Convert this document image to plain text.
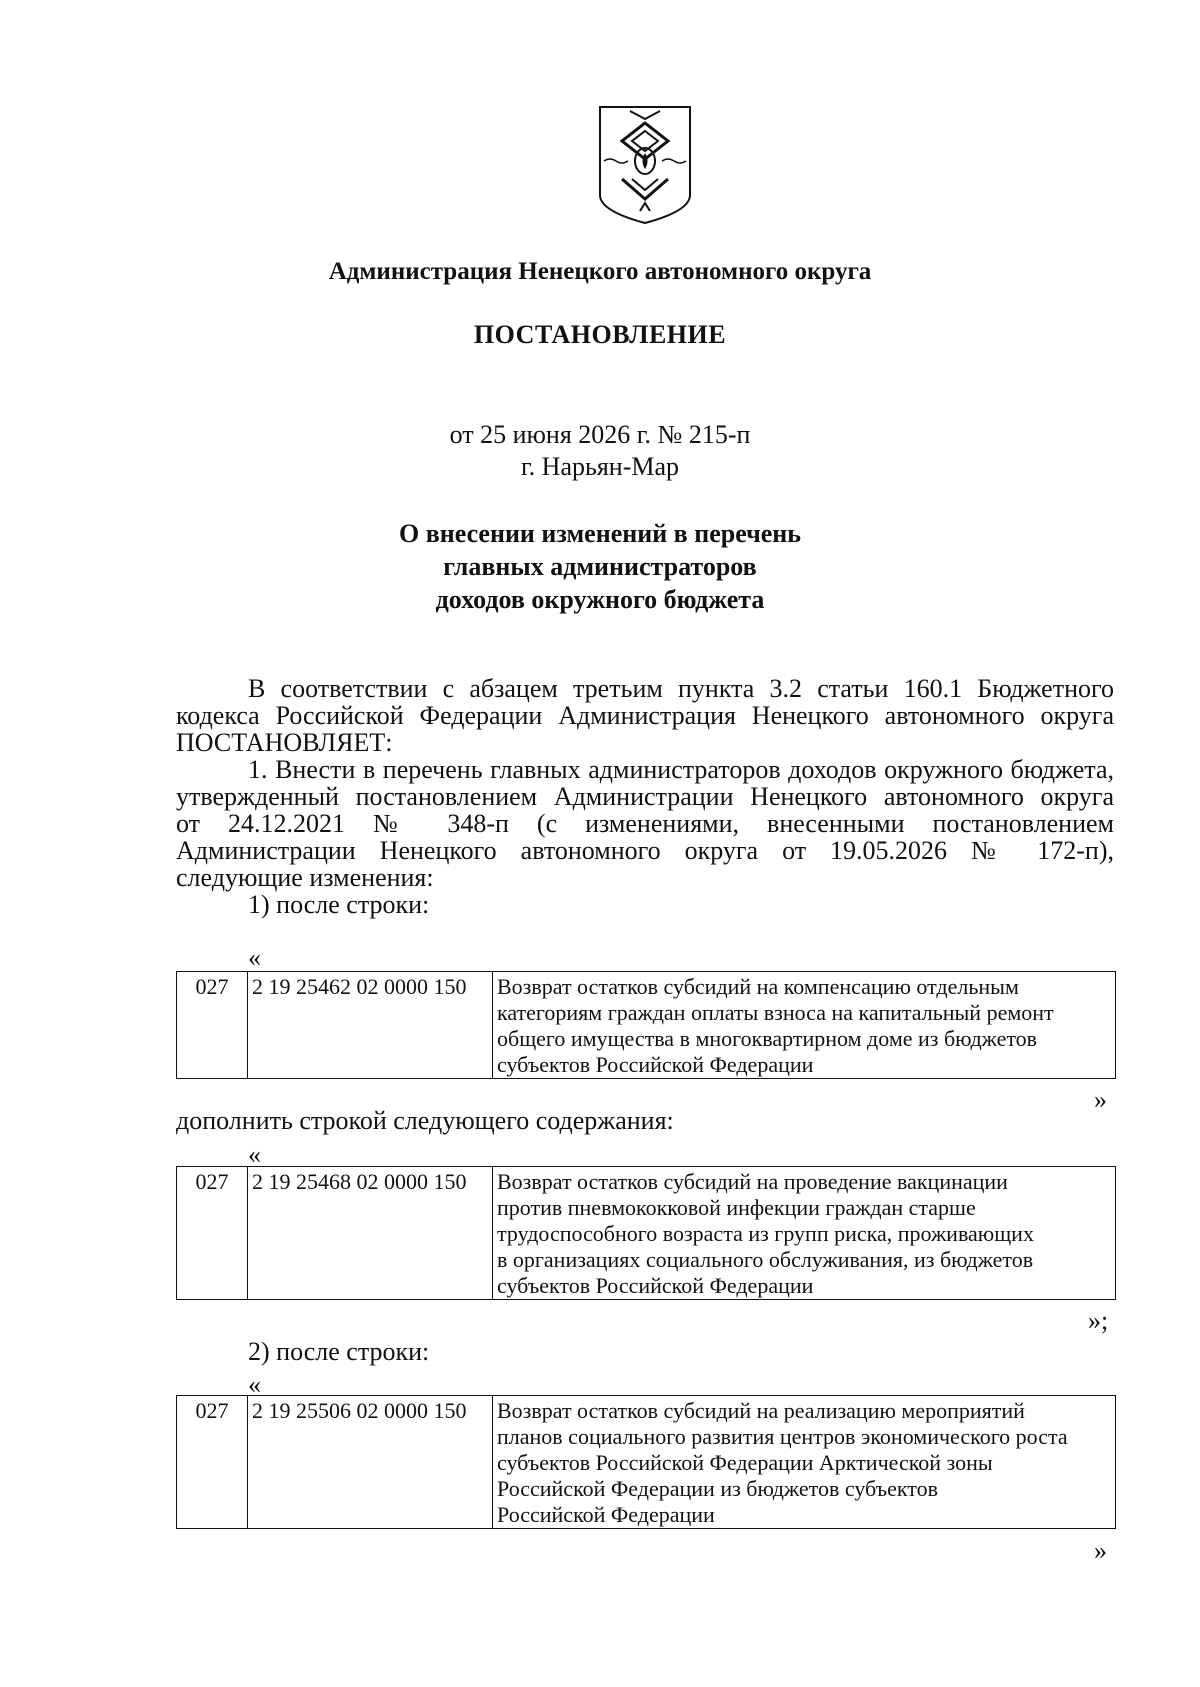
Администрация Ненецкого автономного округа
ПОСТАНОВЛЕНИЕ
от 25 июня 2026 г. № 215-п
г. Нарьян-Мар
О внесении изменений в перечень
главных администраторов
доходов окружного бюджета
В соответствии с абзацем третьим пункта 3.2 статьи 160.1 Бюджетного
кодекса Российской Федерации Администрация Ненецкого автономного округа
ПОСТАНОВЛЯЕТ:
1. Внести в перечень главных администраторов доходов окружного бюджета,
утвержденный постановлением Администрации Ненецкого автономного округа
от 24.12.2021 № 348-п (с изменениями, внесенными постановлением
Администрации Ненецкого автономного округа от 19.05.2026 № 172-п),
следующие изменения:
1) после строки:
«
027	2 19 25462 02 0000 150	Возврат остатков субсидий на компенсацию отдельным
категориям граждан оплаты взноса на капитальный ремонт
общего имущества в многоквартирном доме из бюджетов
субъектов Российской Федерации
»
дополнить строкой следующего содержания:
«
027	2 19 25468 02 0000 150	Возврат остатков субсидий на проведение вакцинации
против пневмококковой инфекции граждан старше
трудоспособного возраста из групп риска, проживающих
в организациях социального обслуживания, из бюджетов
субъектов Российской Федерации
»;
2) после строки:
«
027	2 19 25506 02 0000 150	Возврат остатков субсидий на реализацию мероприятий
планов социального развития центров экономического роста
субъектов Российской Федерации Арктической зоны
Российской Федерации из бюджетов субъектов
Российской Федерации
»
